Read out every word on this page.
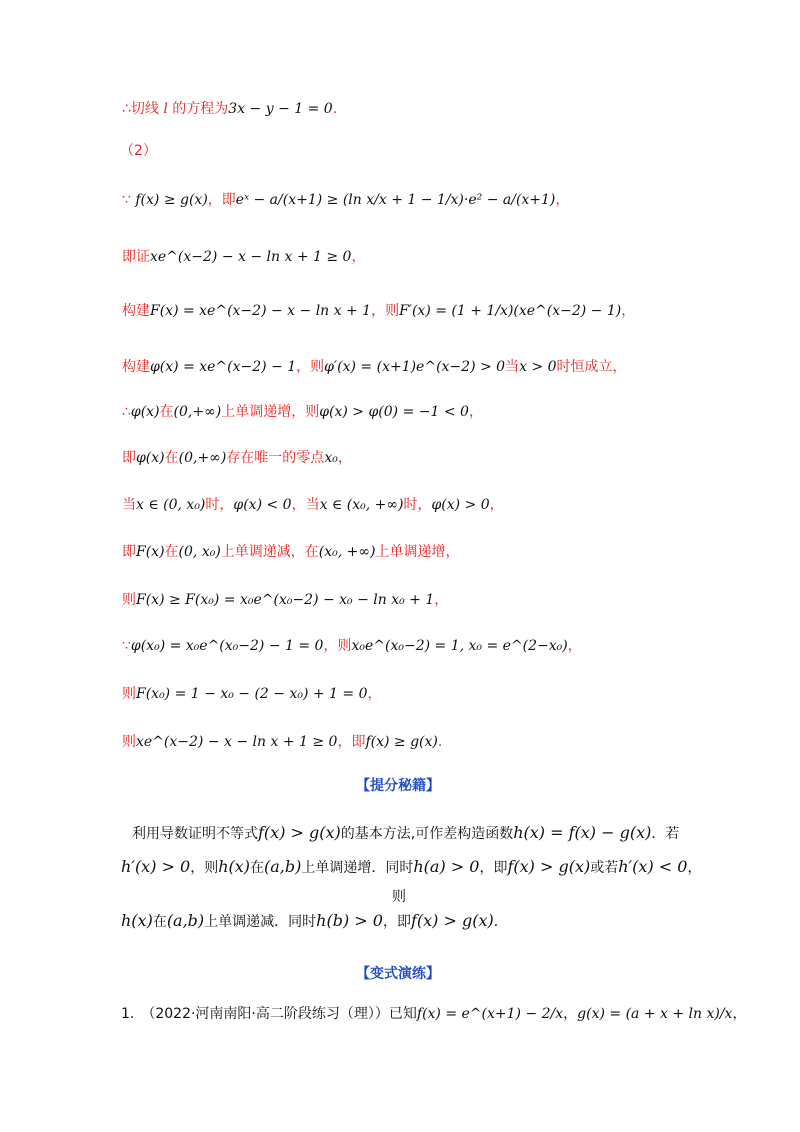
∴切线 l 的方程为3x − y − 1 = 0.
（2）
∵ f(x) ≥ g(x)，即eˣ − a/(x+1) ≥ (ln x/x + 1 − 1/x)·e² − a/(x+1)，
即证xe^(x−2) − x − ln x + 1 ≥ 0，
构建F(x) = xe^(x−2) − x − ln x + 1，则F′(x) = (1 + 1/x)(xe^(x−2) − 1)，
构建φ(x) = xe^(x−2) − 1，则φ′(x) = (x+1)e^(x−2) > 0当x > 0时恒成立，
∴φ(x)在(0,+∞)上单调递增，则φ(x) > φ(0) = −1 < 0，
即φ(x)在(0,+∞)存在唯一的零点x₀，
当x ∈ (0, x₀)时，φ(x) < 0，当x ∈ (x₀, +∞)时，φ(x) > 0，
即F(x)在(0, x₀)上单调递减，在(x₀, +∞)上单调递增，
则F(x) ≥ F(x₀) = x₀e^(x₀−2) − x₀ − ln x₀ + 1，
∵φ(x₀) = x₀e^(x₀−2) − 1 = 0，则x₀e^(x₀−2) = 1, x₀ = e^(2−x₀)，
则F(x₀) = 1 − x₀ − (2 − x₀) + 1 = 0，
则xe^(x−2) − x − ln x + 1 ≥ 0，即f(x) ≥ g(x).
【提分秘籍】
利用导数证明不等式f(x) > g(x)的基本方法,可作差构造函数h(x) = f(x) − g(x)．若
h′(x) > 0，则h(x)在(a,b)上单调递增．同时h(a) > 0，即f(x) > g(x)或若h′(x) < 0，
则
h(x)在(a,b)上单调递减．同时h(b) > 0，即f(x) > g(x)．
【变式演练】
1.　（2022·河南南阳·高二阶段练习（理））已知f(x) = e^(x+1) − 2/x，g(x) = (a + x + ln x)/x，
